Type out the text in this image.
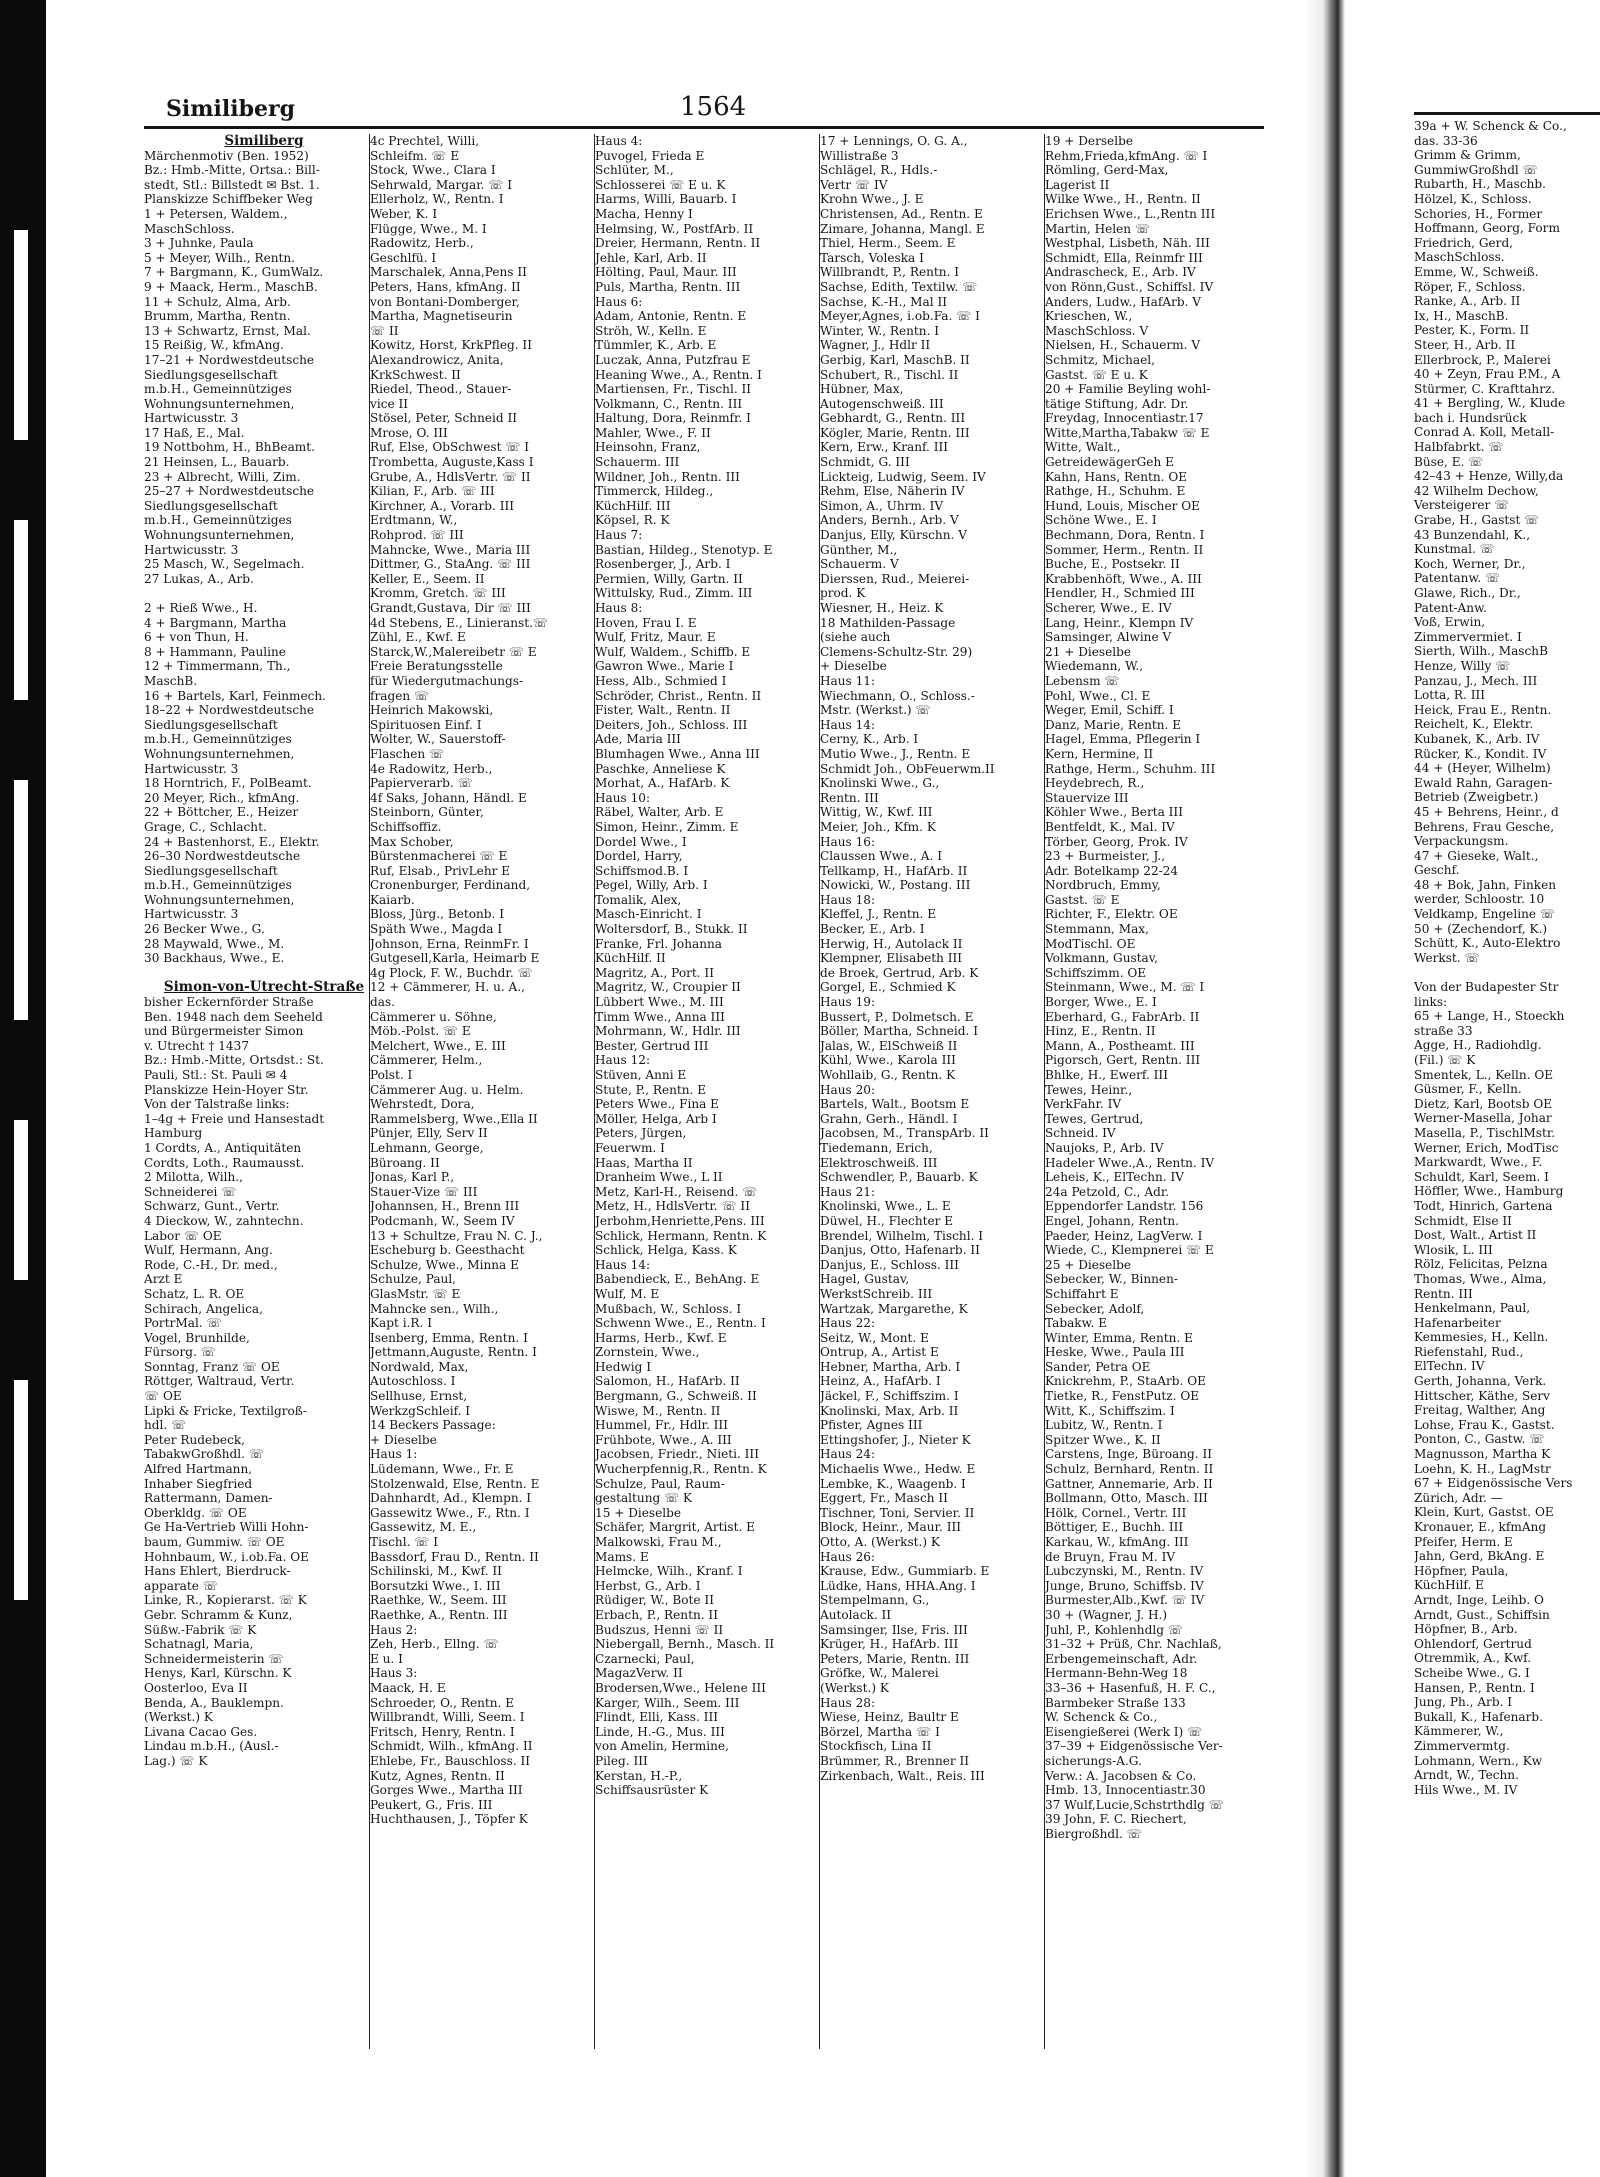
Similiberg	1564
Similiberg
Märchenmotiv (Ben. 1952)
Bz.: Hmb.-Mitte, Ortsa.: Bill-
stedt, Stl.: Billstedt ✉ Bst. 1.
Planskizze Schiffbeker Weg
1 + Petersen, Waldem.,
MaschSchloss.
3 + Juhnke, Paula
5 + Meyer, Wilh., Rentn.
7 + Bargmann, K., GumWalz.
9 + Maack, Herm., MaschB.
11 + Schulz, Alma, Arb.
Brumm, Martha, Rentn.
13 + Schwartz, Ernst, Mal.
15 Reißig, W., kfmAng.
17–21 + Nordwestdeutsche
Siedlungsgesellschaft
m.b.H., Gemeinnütziges
Wohnungsunternehmen,
Hartwicusstr. 3
17 Haß, E., Mal.
19 Nottbohm, H., BhBeamt.
21 Heinsen, L., Bauarb.
23 + Albrecht, Willi, Zim.
25–27 + Nordwestdeutsche
Siedlungsgesellschaft
m.b.H., Gemeinnütziges
Wohnungsunternehmen,
Hartwicusstr. 3
25 Masch, W., Segelmach.
27 Lukas, A., Arb.

2 + Rieß Wwe., H.
4 + Bargmann, Martha
6 + von Thun, H.
8 + Hammann, Pauline
12 + Timmermann, Th.,
MaschB.
16 + Bartels, Karl, Feinmech.
18–22 + Nordwestdeutsche
Siedlungsgesellschaft
m.b.H., Gemeinnütziges
Wohnungsunternehmen,
Hartwicusstr. 3
18 Horntrich, F., PolBeamt.
20 Meyer, Rich., kfmAng.
22 + Böttcher, E., Heizer
Grage, C., Schlacht.
24 + Bastenhorst, E., Elektr.
26–30 Nordwestdeutsche
Siedlungsgesellschaft
m.b.H., Gemeinnütziges
Wohnungsunternehmen,
Hartwicusstr. 3
26 Becker Wwe., G.
28 Maywald, Wwe., M.
30 Backhaus, Wwe., E.

Simon-von-Utrecht-Straße
bisher Eckernförder Straße
Ben. 1948 nach dem Seeheld
und Bürgermeister Simon
v. Utrecht † 1437
Bz.: Hmb.-Mitte, Ortsdst.: St.
Pauli, Stl.: St. Pauli ✉ 4
Planskizze Hein-Hoyer Str.
Von der Talstraße links:
1–4g + Freie und Hansestadt
Hamburg
1 Cordts, A., Antiquitäten
Cordts, Loth., Raumausst.
2 Milotta, Wilh.,
Schneiderei ☏
Schwarz, Gunt., Vertr.
4 Dieckow, W., zahntechn.
Labor ☏ OE
Wulf, Hermann, Ang.
Rode, C.-H., Dr. med.,
Arzt E
Schatz, L. R. OE
Schirach, Angelica,
PortrMal. ☏
Vogel, Brunhilde,
Fürsorg. ☏
Sonntag, Franz ☏ OE
Röttger, Waltraud, Vertr.
☏ OE
Lipki & Fricke, Textilgroß-
hdl. ☏
Peter Rudebeck,
TabakwGroßhdl. ☏
Alfred Hartmann,
Inhaber Siegfried
Rattermann, Damen-
Oberkldg. ☏ OE
Ge Ha-Vertrieb Willi Hohn-
baum, Gummiw. ☏ OE
Hohnbaum, W., i.ob.Fa. OE
Hans Ehlert, Bierdruck-
apparate ☏
Linke, R., Kopierarst. ☏ K
Gebr. Schramm & Kunz,
Süßw.-Fabrik ☏ K
Schatnagl, Maria,
Schneidermeisterin ☏
Henys, Karl, Kürschn. K
Oosterloo, Eva II
Benda, A., Bauklempn.
(Werkst.) K
Livana Cacao Ges.
Lindau m.b.H., (Ausl.-
Lag.) ☏ K
4c Prechtel, Willi,
Schleifm. ☏ E
Stock, Wwe., Clara I
Sehrwald, Margar. ☏ I
Ellerholz, W., Rentn. I
Weber, K. I
Flügge, Wwe., M. I
Radowitz, Herb.,
Geschlfü. I
Marschalek, Anna,Pens II
Peters, Hans, kfmAng. II
von Bontani-Domberger,
Martha, Magnetiseurin
☏ II
Kowitz, Horst, KrkPfleg. II
Alexandrowicz, Anita,
KrkSchwest. II
Riedel, Theod., Stauer-
vice II
Stösel, Peter, Schneid II
Mrose, O. III
Ruf, Else, ObSchwest ☏ I
Trombetta, Auguste,Kass I
Grube, A., HdlsVertr. ☏ II
Kilian, F., Arb. ☏ III
Kirchner, A., Vorarb. III
Erdtmann, W.,
Rohprod. ☏ III
Mahncke, Wwe., Maria III
Dittmer, G., StaAng. ☏ III
Keller, E., Seem. II
Kromm, Gretch. ☏ III
Grandt,Gustava, Dir ☏ III
4d Stebens, E., Linieranst.☏
Zühl, E., Kwf. E
Starck,W.,Malereibetr ☏ E
Freie Beratungsstelle
für Wiedergutmachungs-
fragen ☏
Heinrich Makowski,
Spirituosen Einf. I
Wolter, W., Sauerstoff-
Flaschen ☏
4e Radowitz, Herb.,
Papierverarb. ☏
4f Saks, Johann, Händl. E
Steinborn, Günter,
Schiffsoffiz.
Max Schober,
Bürstenmacherei ☏ E
Ruf, Elsab., PrivLehr E
Cronenburger, Ferdinand,
Kaiarb.
Bloss, Jürg., Betonb. I
Späth Wwe., Magda I
Johnson, Erna, ReinmFr. I
Gutgesell,Karla, Heimarb E
4g Plock, F. W., Buchdr. ☏
12 + Cämmerer, H. u. A.,
das.
Cämmerer u. Söhne,
Möb.-Polst. ☏ E
Melchert, Wwe., E. III
Cämmerer, Helm.,
Polst. I
Cämmerer Aug. u. Helm.
Wehrstedt, Dora,
Rammelsberg, Wwe.,Ella II
Pünjer, Elly, Serv II
Lehmann, George,
Büroang. II
Jonas, Karl P.,
Stauer-Vize ☏ III
Johannsen, H., Brenn III
Podcmanh, W., Seem IV
13 + Schultze, Frau N. C. J.,
Escheburg b. Geesthacht
Schulze, Wwe., Minna E
Schulze, Paul,
GlasMstr. ☏ E
Mahncke sen., Wilh.,
Kapt i.R. I
Isenberg, Emma, Rentn. I
Jettmann,Auguste, Rentn. I
Nordwald, Max,
Autoschloss. I
Sellhuse, Ernst,
WerkzgSchleif. I
14 Beckers Passage:
+ Dieselbe
Haus 1:
Lüdemann, Wwe., Fr. E
Stolzenwald, Else, Rentn. E
Dahnhardt, Ad., Klempn. I
Gassewitz Wwe., F., Rtn. I
Gassewitz, M. E.,
Tischl. ☏ I
Bassdorf, Frau D., Rentn. II
Schilinski, M., Kwf. II
Borsutzki Wwe., I. III
Raethke, W., Seem. III
Raethke, A., Rentn. III
Haus 2:
Zeh, Herb., Ellng. ☏
E u. I
Haus 3:
Maack, H. E
Schroeder, O., Rentn. E
Willbrandt, Willi, Seem. I
Fritsch, Henry, Rentn. I
Schmidt, Wilh., kfmAng. II
Ehlebe, Fr., Bauschloss. II
Kutz, Agnes, Rentn. II
Gorges Wwe., Martha III
Peukert, G., Fris. III
Huchthausen, J., Töpfer K
Haus 4:
Puvogel, Frieda E
Schlüter, M.,
Schlosserei ☏ E u. K
Harms, Willi, Bauarb. I
Macha, Henny I
Helmsing, W., PostfArb. II
Dreier, Hermann, Rentn. II
Jehle, Karl, Arb. II
Hölting, Paul, Maur. III
Puls, Martha, Rentn. III
Haus 6:
Adam, Antonie, Rentn. E
Ströh, W., Kelln. E
Tümmler, K., Arb. E
Luczak, Anna, Putzfrau E
Heaning Wwe., A., Rentn. I
Martiensen, Fr., Tischl. II
Volkmann, C., Rentn. III
Haltung, Dora, Reinmfr. I
Mahler, Wwe., F. II
Heinsohn, Franz,
Schauerm. III
Wildner, Joh., Rentn. III
Timmerck, Hildeg.,
KüchHilf. III
Köpsel, R. K
Haus 7:
Bastian, Hildeg., Stenotyp. E
Rosenberger, J., Arb. I
Permien, Willy, Gartn. II
Wittulsky, Rud., Zimm. III
Haus 8:
Hoven, Frau I. E
Wulf, Fritz, Maur. E
Wulf, Waldem., Schiffb. E
Gawron Wwe., Marie I
Hess, Alb., Schmied I
Schröder, Christ., Rentn. II
Fister, Walt., Rentn. II
Deiters, Joh., Schloss. III
Ade, Maria III
Blumhagen Wwe., Anna III
Paschke, Anneliese K
Morhat, A., HafArb. K
Haus 10:
Räbel, Walter, Arb. E
Simon, Heinr., Zimm. E
Dordel Wwe., I
Dordel, Harry,
Schiffsmod.B. I
Pegel, Willy, Arb. I
Tomalik, Alex,
Masch-Einricht. I
Woltersdorf, B., Stukk. II
Franke, Frl. Johanna
KüchHilf. II
Magritz, A., Port. II
Magritz, W., Croupier II
Lübbert Wwe., M. III
Timm Wwe., Anna III
Mohrmann, W., Hdlr. III
Bester, Gertrud III
Haus 12:
Stüven, Anni E
Stute, P., Rentn. E
Peters Wwe., Fina E
Möller, Helga, Arb I
Peters, Jürgen,
Feuerwm. I
Haas, Martha II
Dranheim Wwe., L II
Metz, Karl-H., Reisend. ☏
Metz, H., HdlsVertr. ☏ II
Jerbohm,Henriette,Pens. III
Schlick, Hermann, Rentn. K
Schlick, Helga, Kass. K
Haus 14:
Babendieck, E., BehAng. E
Wulf, M. E
Mußbach, W., Schloss. I
Schwenn Wwe., E., Rentn. I
Harms, Herb., Kwf. E
Zornstein, Wwe.,
Hedwig I
Salomon, H., HafArb. II
Bergmann, G., Schweiß. II
Wiswe, M., Rentn. II
Hummel, Fr., Hdlr. III
Frühbote, Wwe., A. III
Jacobsen, Friedr., Nieti. III
Wucherpfennig,R., Rentn. K
Schulze, Paul, Raum-
gestaltung ☏ K
15 + Dieselbe
Schäfer, Margrit, Artist. E
Malkowski, Frau M.,
Mams. E
Helmcke, Wilh., Kranf. I
Herbst, G., Arb. I
Rüdiger, W., Bote II
Erbach, P., Rentn. II
Budszus, Henni ☏ II
Niebergall, Bernh., Masch. II
Czarnecki, Paul,
MagazVerw. II
Brodersen,Wwe., Helene III
Karger, Wilh., Seem. III
Flindt, Elli, Kass. III
Linde, H.-G., Mus. III
von Amelin, Hermine,
Pileg. III
Kerstan, H.-P.,
Schiffsausrüster K
17 + Lennings, O. G. A.,
Willistraße 3
Schlägel, R., Hdls.-
Vertr ☏ IV
Krohn Wwe., J. E
Christensen, Ad., Rentn. E
Zimare, Johanna, Mangl. E
Thiel, Herm., Seem. E
Tarsch, Voleska I
Willbrandt, P., Rentn. I
Sachse, Edith, Textilw. ☏
Sachse, K.-H., Mal II
Meyer,Agnes, i.ob.Fa. ☏ I
Winter, W., Rentn. I
Wagner, J., Hdlr II
Gerbig, Karl, MaschB. II
Schubert, R., Tischl. II
Hübner, Max,
Autogenschweiß. III
Gebhardt, G., Rentn. III
Kögler, Marie, Rentn. III
Kern, Erw., Kranf. III
Schmidt, G. III
Lickteig, Ludwig, Seem. IV
Rehm, Else, Näherin IV
Simon, A., Uhrm. IV
Anders, Bernh., Arb. V
Danjus, Elly, Kürschn. V
Günther, M.,
Schauerm. V
Dierssen, Rud., Meierei-
prod. K
Wiesner, H., Heiz. K
18 Mathilden-Passage
(siehe auch
Clemens-Schultz-Str. 29)
+ Dieselbe
Haus 11:
Wiechmann, O., Schloss.-
Mstr. (Werkst.) ☏
Haus 14:
Cerny, K., Arb. I
Mutio Wwe., J., Rentn. E
Schmidt Joh., ObFeuerwm.II
Knolinski Wwe., G.,
Rentn. III
Wittig, W., Kwf. III
Meier, Joh., Kfm. K
Haus 16:
Claussen Wwe., A. I
Tellkamp, H., HafArb. II
Nowicki, W., Postang. III
Haus 18:
Kleffel, J., Rentn. E
Becker, E., Arb. I
Herwig, H., Autolack II
Klempner, Elisabeth III
de Broek, Gertrud, Arb. K
Gorgel, E., Schmied K
Haus 19:
Bussert, P., Dolmetsch. E
Böller, Martha, Schneid. I
Jalas, W., ElSchweiß II
Kühl, Wwe., Karola III
Wohllaib, G., Rentn. K
Haus 20:
Bartels, Walt., Bootsm E
Grahn, Gerh., Händl. I
Jacobsen, M., TranspArb. II
Tiedemann, Erich,
Elektroschweiß. III
Schwendler, P., Bauarb. K
Haus 21:
Knolinski, Wwe., L. E
Düwel, H., Flechter E
Brendel, Wilhelm, Tischl. I
Danjus, Otto, Hafenarb. II
Danjus, E., Schloss. III
Hagel, Gustav,
WerkstSchreib. III
Wartzak, Margarethe, K
Haus 22:
Seitz, W., Mont. E
Ontrup, A., Artist E
Hebner, Martha, Arb. I
Heinz, A., HafArb. I
Jäckel, F., Schiffszim. I
Knolinski, Max, Arb. II
Pfister, Agnes III
Ettingshofer, J., Nieter K
Haus 24:
Michaelis Wwe., Hedw. E
Lembke, K., Waagenb. I
Eggert, Fr., Masch II
Tischner, Toni, Servier. II
Block, Heinr., Maur. III
Otto, A. (Werkst.) K
Haus 26:
Krause, Edw., Gummiarb. E
Lüdke, Hans, HHA.Ang. I
Stempelmann, G.,
Autolack. II
Samsinger, Ilse, Fris. III
Krüger, H., HafArb. III
Peters, Marie, Rentn. III
Gröfke, W., Malerei
(Werkst.) K
Haus 28:
Wiese, Heinz, Baultr E
Börzel, Martha ☏ I
Stockfisch, Lina II
Brümmer, R., Brenner II
Zirkenbach, Walt., Reis. III
19 + Derselbe
Rehm,Frieda,kfmAng. ☏ I
Römling, Gerd-Max,
Lagerist II
Wilke Wwe., H., Rentn. II
Erichsen Wwe., L.,Rentn III
Martin, Helen ☏
Westphal, Lisbeth, Näh. III
Schmidt, Ella, Reinmfr III
Andrascheck, E., Arb. IV
von Rönn,Gust., Schiffsl. IV
Anders, Ludw., HafArb. V
Krieschen, W.,
MaschSchloss. V
Nielsen, H., Schauerm. V
Schmitz, Michael,
Gastst. ☏ E u. K
20 + Familie Beyling wohl-
tätige Stiftung, Adr. Dr.
Freydag, Innocentiastr.17
Witte,Martha,Tabakw ☏ E
Witte, Walt.,
GetreidewägerGeh E
Kahn, Hans, Rentn. OE
Rathge, H., Schuhm. E
Hund, Louis, Mischer OE
Schöne Wwe., E. I
Bechmann, Dora, Rentn. I
Sommer, Herm., Rentn. II
Buche, E., Postsekr. II
Krabbenhöft, Wwe., A. III
Hendler, H., Schmied III
Scherer, Wwe., E. IV
Lang, Heinr., Klempn IV
Samsinger, Alwine V
21 + Dieselbe
Wiedemann, W.,
Lebensm ☏
Pohl, Wwe., Cl. E
Weger, Emil, Schiff. I
Danz, Marie, Rentn. E
Hagel, Emma, Pflegerin I
Kern, Hermine, II
Rathge, Herm., Schuhm. III
Heydebrech, R.,
Stauervize III
Köhler Wwe., Berta III
Bentfeldt, K., Mal. IV
Törber, Georg, Prok. IV
23 + Burmeister, J.,
Adr. Botelkamp 22-24
Nordbruch, Emmy,
Gastst. ☏ E
Richter, F., Elektr. OE
Stemmann, Max,
ModTischl. OE
Volkmann, Gustav,
Schiffszimm. OE
Steinmann, Wwe., M. ☏ I
Borger, Wwe., E. I
Eberhard, G., FabrArb. II
Hinz, E., Rentn. II
Mann, A., Postheamt. III
Pigorsch, Gert, Rentn. III
Bhlke, H., Ewerf. III
Tewes, Heinr.,
VerkFahr. IV
Tewes, Gertrud,
Schneid. IV
Naujoks, P., Arb. IV
Hadeler Wwe.,A., Rentn. IV
Leheis, K., ElTechn. IV
24a Petzold, C., Adr.
Eppendorfer Landstr. 156
Engel, Johann, Rentn.
Paeder, Heinz, LagVerw. I
Wiede, C., Klempnerei ☏ E
25 + Dieselbe
Sebecker, W., Binnen-
Schiffahrt E
Sebecker, Adolf,
Tabakw. E
Winter, Emma, Rentn. E
Heske, Wwe., Paula III
Sander, Petra OE
Knickrehm, P., StaArb. OE
Tietke, R., FenstPutz. OE
Witt, K., Schiffszim. I
Lubitz, W., Rentn. I
Spitzer Wwe., K. II
Carstens, Inge, Büroang. II
Schulz, Bernhard, Rentn. II
Gattner, Annemarie, Arb. II
Bollmann, Otto, Masch. III
Hölk, Cornel., Vertr. III
Böttiger, E., Buchh. III
Karkau, W., kfmAng. III
de Bruyn, Frau M. IV
Lubczynski, M., Rentn. IV
Junge, Bruno, Schiffsb. IV
Burmester,Alb.,Kwf. ☏ IV
30 + (Wagner, J. H.)
Juhl, P., Kohlenhdlg ☏
31–32 + Prüß, Chr. Nachlaß,
Erbengemeinschaft, Adr.
Hermann-Behn-Weg 18
33–36 + Hasenfuß, H. F. C.,
Barmbeker Straße 133
W. Schenck & Co.,
Eisengießerei (Werk I) ☏
37–39 + Eidgenössische Ver-
sicherungs-A.G.
Verw.: A. Jacobsen & Co.
Hmb. 13, Innocentiastr.30
37 Wulf,Lucie,Schstrthdlg ☏
39 John, F. C. Riechert,
Biergroßhdl. ☏
39a + W. Schenck & Co.,
das. 33-36
Grimm & Grimm,
GummiwGroßhdl ☏
Rubarth, H., Maschb.
Hölzel, K., Schloss.
Schories, H., Former
Hoffmann, Georg, Form
Friedrich, Gerd,
MaschSchloss.
Emme, W., Schweiß.
Röper, F., Schloss.
Ranke, A., Arb. II
Ix, H., MaschB.
Pester, K., Form. II
Steer, H., Arb. II
Ellerbrock, P., Malerei
40 + Zeyn, Frau P.M., A
Stürmer, C. Krafttahrz.
41 + Bergling, W., Klude
bach i. Hundsrück
Conrad A. Koll, Metall-
Halbfabrkt. ☏
Büse, E. ☏
42–43 + Henze, Willy,da
42 Wilhelm Dechow,
Versteigerer ☏
Grabe, H., Gastst ☏
43 Bunzendahl, K.,
Kunstmal. ☏
Koch, Werner, Dr.,
Patentanw. ☏
Glawe, Rich., Dr.,
Patent-Anw.
Voß, Erwin,
Zimmervermiet. I
Sierth, Wilh., MaschB
Henze, Willy ☏
Panzau, J., Mech. III
Lotta, R. III
Heick, Frau E., Rentn.
Reichelt, K., Elektr.
Kubanek, K., Arb. IV
Rücker, K., Kondit. IV
44 + (Heyer, Wilhelm)
Ewald Rahn, Garagen-
Betrieb (Zweigbetr.)
45 + Behrens, Heinr., d
Behrens, Frau Gesche,
Verpackungsm.
47 + Gieseke, Walt.,
Geschf.
48 + Bok, Jahn, Finken
werder, Schloostr. 10
Veldkamp, Engeline ☏
50 + (Zechendorf, K.)
Schütt, K., Auto-Elektro
Werkst. ☏

Von der Budapester Str
links:
65 + Lange, H., Stoeckh
straße 33
Agge, H., Radiohdlg.
(Fil.) ☏ K
Smentek, L., Kelln. OE
Güsmer, F., Kelln.
Dietz, Karl, Bootsb OE
Werner-Masella, Johar
Masella, P., TischlMstr.
Werner, Erich, ModTisc
Markwardt, Wwe., F.
Schuldt, Karl, Seem. I
Höffler, Wwe., Hamburg
Todt, Hinrich, Gartena
Schmidt, Else II
Dost, Walt., Artist II
Wlosik, L. III
Rölz, Felicitas, Pelzna
Thomas, Wwe., Alma,
Rentn. III
Henkelmann, Paul,
Hafenarbeiter
Kemmesies, H., Kelln.
Riefenstahl, Rud.,
ElTechn. IV
Gerth, Johanna, Verk.
Hittscher, Käthe, Serv
Freitag, Walther, Ang
Lohse, Frau K., Gastst.
Ponton, C., Gastw. ☏
Magnusson, Martha K
Loehn, K. H., LagMstr
67 + Eidgenössische Vers
Zürich, Adr. —
Klein, Kurt, Gastst. OE
Kronauer, E., kfmAng
Pfeifer, Herm. E
Jahn, Gerd, BkAng. E
Höpfner, Paula,
KüchHilf. E
Arndt, Inge, Leihb. O
Arndt, Gust., Schiffsin
Höpfner, B., Arb.
Ohlendorf, Gertrud
Otremmik, A., Kwf.
Scheibe Wwe., G. I
Hansen, P., Rentn. I
Jung, Ph., Arb. I
Bukall, K., Hafenarb.
Kämmerer, W.,
Zimmervermtg.
Lohmann, Wern., Kw
Arndt, W., Techn.
Hils Wwe., M. IV
